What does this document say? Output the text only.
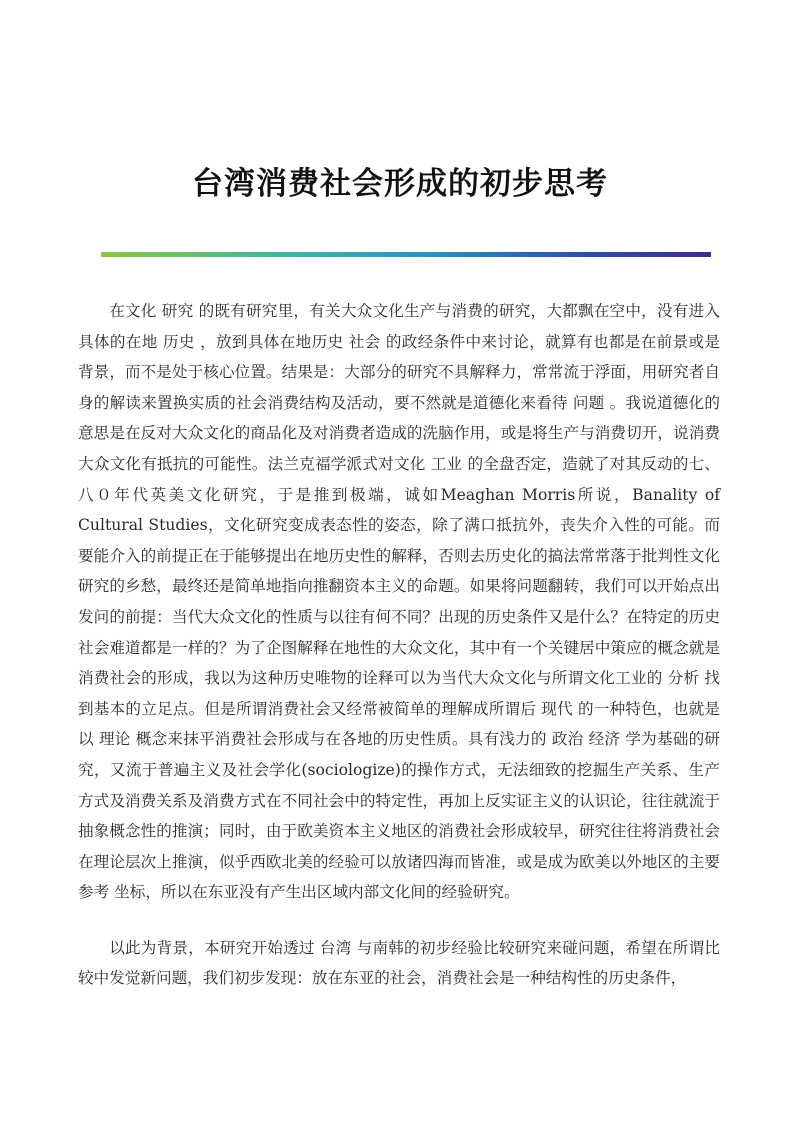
台湾消费社会形成的初步思考

在文化 研究 的既有研究里，有关大众文化生产与消费的研究，大都飘在空中，没有进入具体的在地 历史 ，放到具体在地历史 社会 的政经条件中来讨论，就算有也都是在前景或是背景，而不是处于核心位置。结果是：大部分的研究不具解释力，常常流于浮面，用研究者自身的解读来置换实质的社会消费结构及活动，要不然就是道德化来看待 问题 。我说道德化的意思是在反对大众文化的商品化及对消费者造成的洗脑作用，或是将生产与消费切开，说消费大众文化有抵抗的可能性。法兰克福学派式对文化 工业 的全盘否定，造就了对其反动的七、八０年代英美文化研究，于是推到极端，诚如Meaghan Morris所说，Banality of Cultural Studies，文化研究变成表态性的姿态，除了满口抵抗外，丧失介入性的可能。而要能介入的前提正在于能够提出在地历史性的解释，否则去历史化的搞法常常落于批判性文化研究的乡愁，最终还是简单地指向推翻资本主义的命题。如果将问题翻转，我们可以开始点出发问的前提：当代大众文化的性质与以往有何不同？出现的历史条件又是什么？在特定的历史社会难道都是一样的？为了企图解释在地性的大众文化，其中有一个关键居中策应的概念就是消费社会的形成，我以为这种历史唯物的诠释可以为当代大众文化与所谓文化工业的 分析 找到基本的立足点。但是所谓消费社会又经常被简单的理解成所谓后 现代 的一种特色，也就是以 理论 概念来抹平消费社会形成与在各地的历史性质。具有浅力的 政治 经济 学为基础的研究，又流于普遍主义及社会学化(sociologize)的操作方式，无法细致的挖掘生产关系、生产方式及消费关系及消费方式在不同社会中的特定性，再加上反实证主义的认识论，往往就流于抽象概念性的推演；同时，由于欧美资本主义地区的消费社会形成较早，研究往往将消费社会在理论层次上推演，似乎西欧北美的经验可以放诸四海而皆准，或是成为欧美以外地区的主要 参考 坐标，所以在东亚没有产生出区域内部文化间的经验研究。

以此为背景，本研究开始透过 台湾 与南韩的初步经验比较研究来碰问题，希望在所谓比较中发觉新问题，我们初步发现：放在东亚的社会，消费社会是一种结构性的历史条件，
